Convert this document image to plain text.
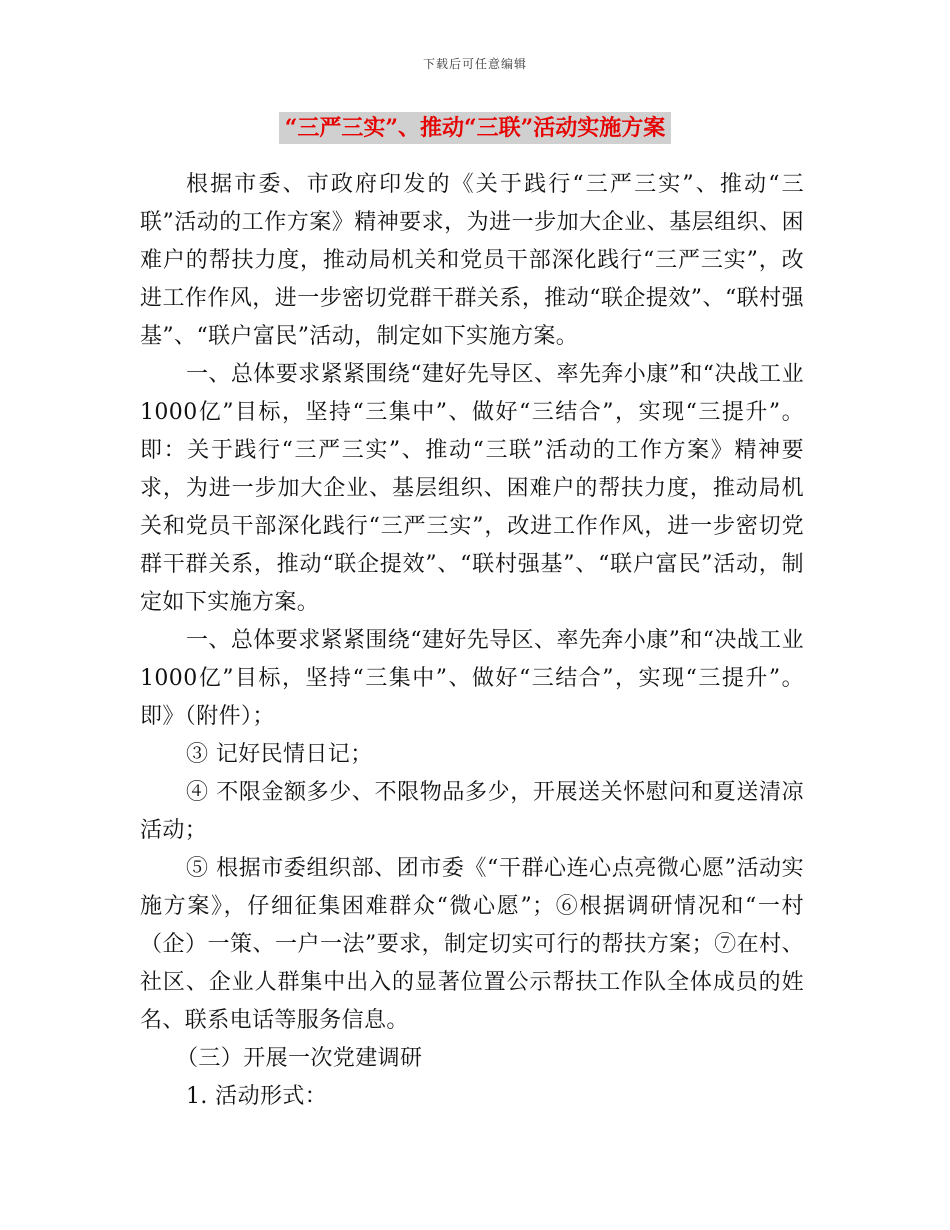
下载后可任意编辑
“三严三实”、推动“三联”活动实施方案

根据市委、市政府印发的《关于践行“三严三实”、推动“三联”活动的工作方案》精神要求，为进一步加大企业、基层组织、困难户的帮扶力度，推动局机关和党员干部深化践行“三严三实”，改进工作作风，进一步密切党群干群关系，推动“联企提效”、“联村强基”、“联户富民”活动，制定如下实施方案。

一、总体要求紧紧围绕“建好先导区、率先奔小康”和“决战工业1000亿”目标，坚持“三集中”、做好“三结合”，实现“三提升”。即：关于践行“三严三实”、推动“三联”活动的工作方案》精神要求，为进一步加大企业、基层组织、困难户的帮扶力度，推动局机关和党员干部深化践行“三严三实”，改进工作作风，进一步密切党群干群关系，推动“联企提效”、“联村强基”、“联户富民”活动，制定如下实施方案。

一、总体要求紧紧围绕“建好先导区、率先奔小康”和“决战工业1000亿”目标，坚持“三集中”、做好“三结合”，实现“三提升”。即》（附件）；

③ 记好民情日记；

④ 不限金额多少、不限物品多少，开展送关怀慰问和夏送清凉活动；

⑤ 根据市委组织部、团市委《“干群心连心点亮微心愿”活动实施方案》，仔细征集困难群众“微心愿”；⑥根据调研情况和“一村（企）一策、一户一法”要求，制定切实可行的帮扶方案；⑦在村、社区、企业人群集中出入的显著位置公示帮扶工作队全体成员的姓名、联系电话等服务信息。

（三）开展一次党建调研

1. 活动形式：
